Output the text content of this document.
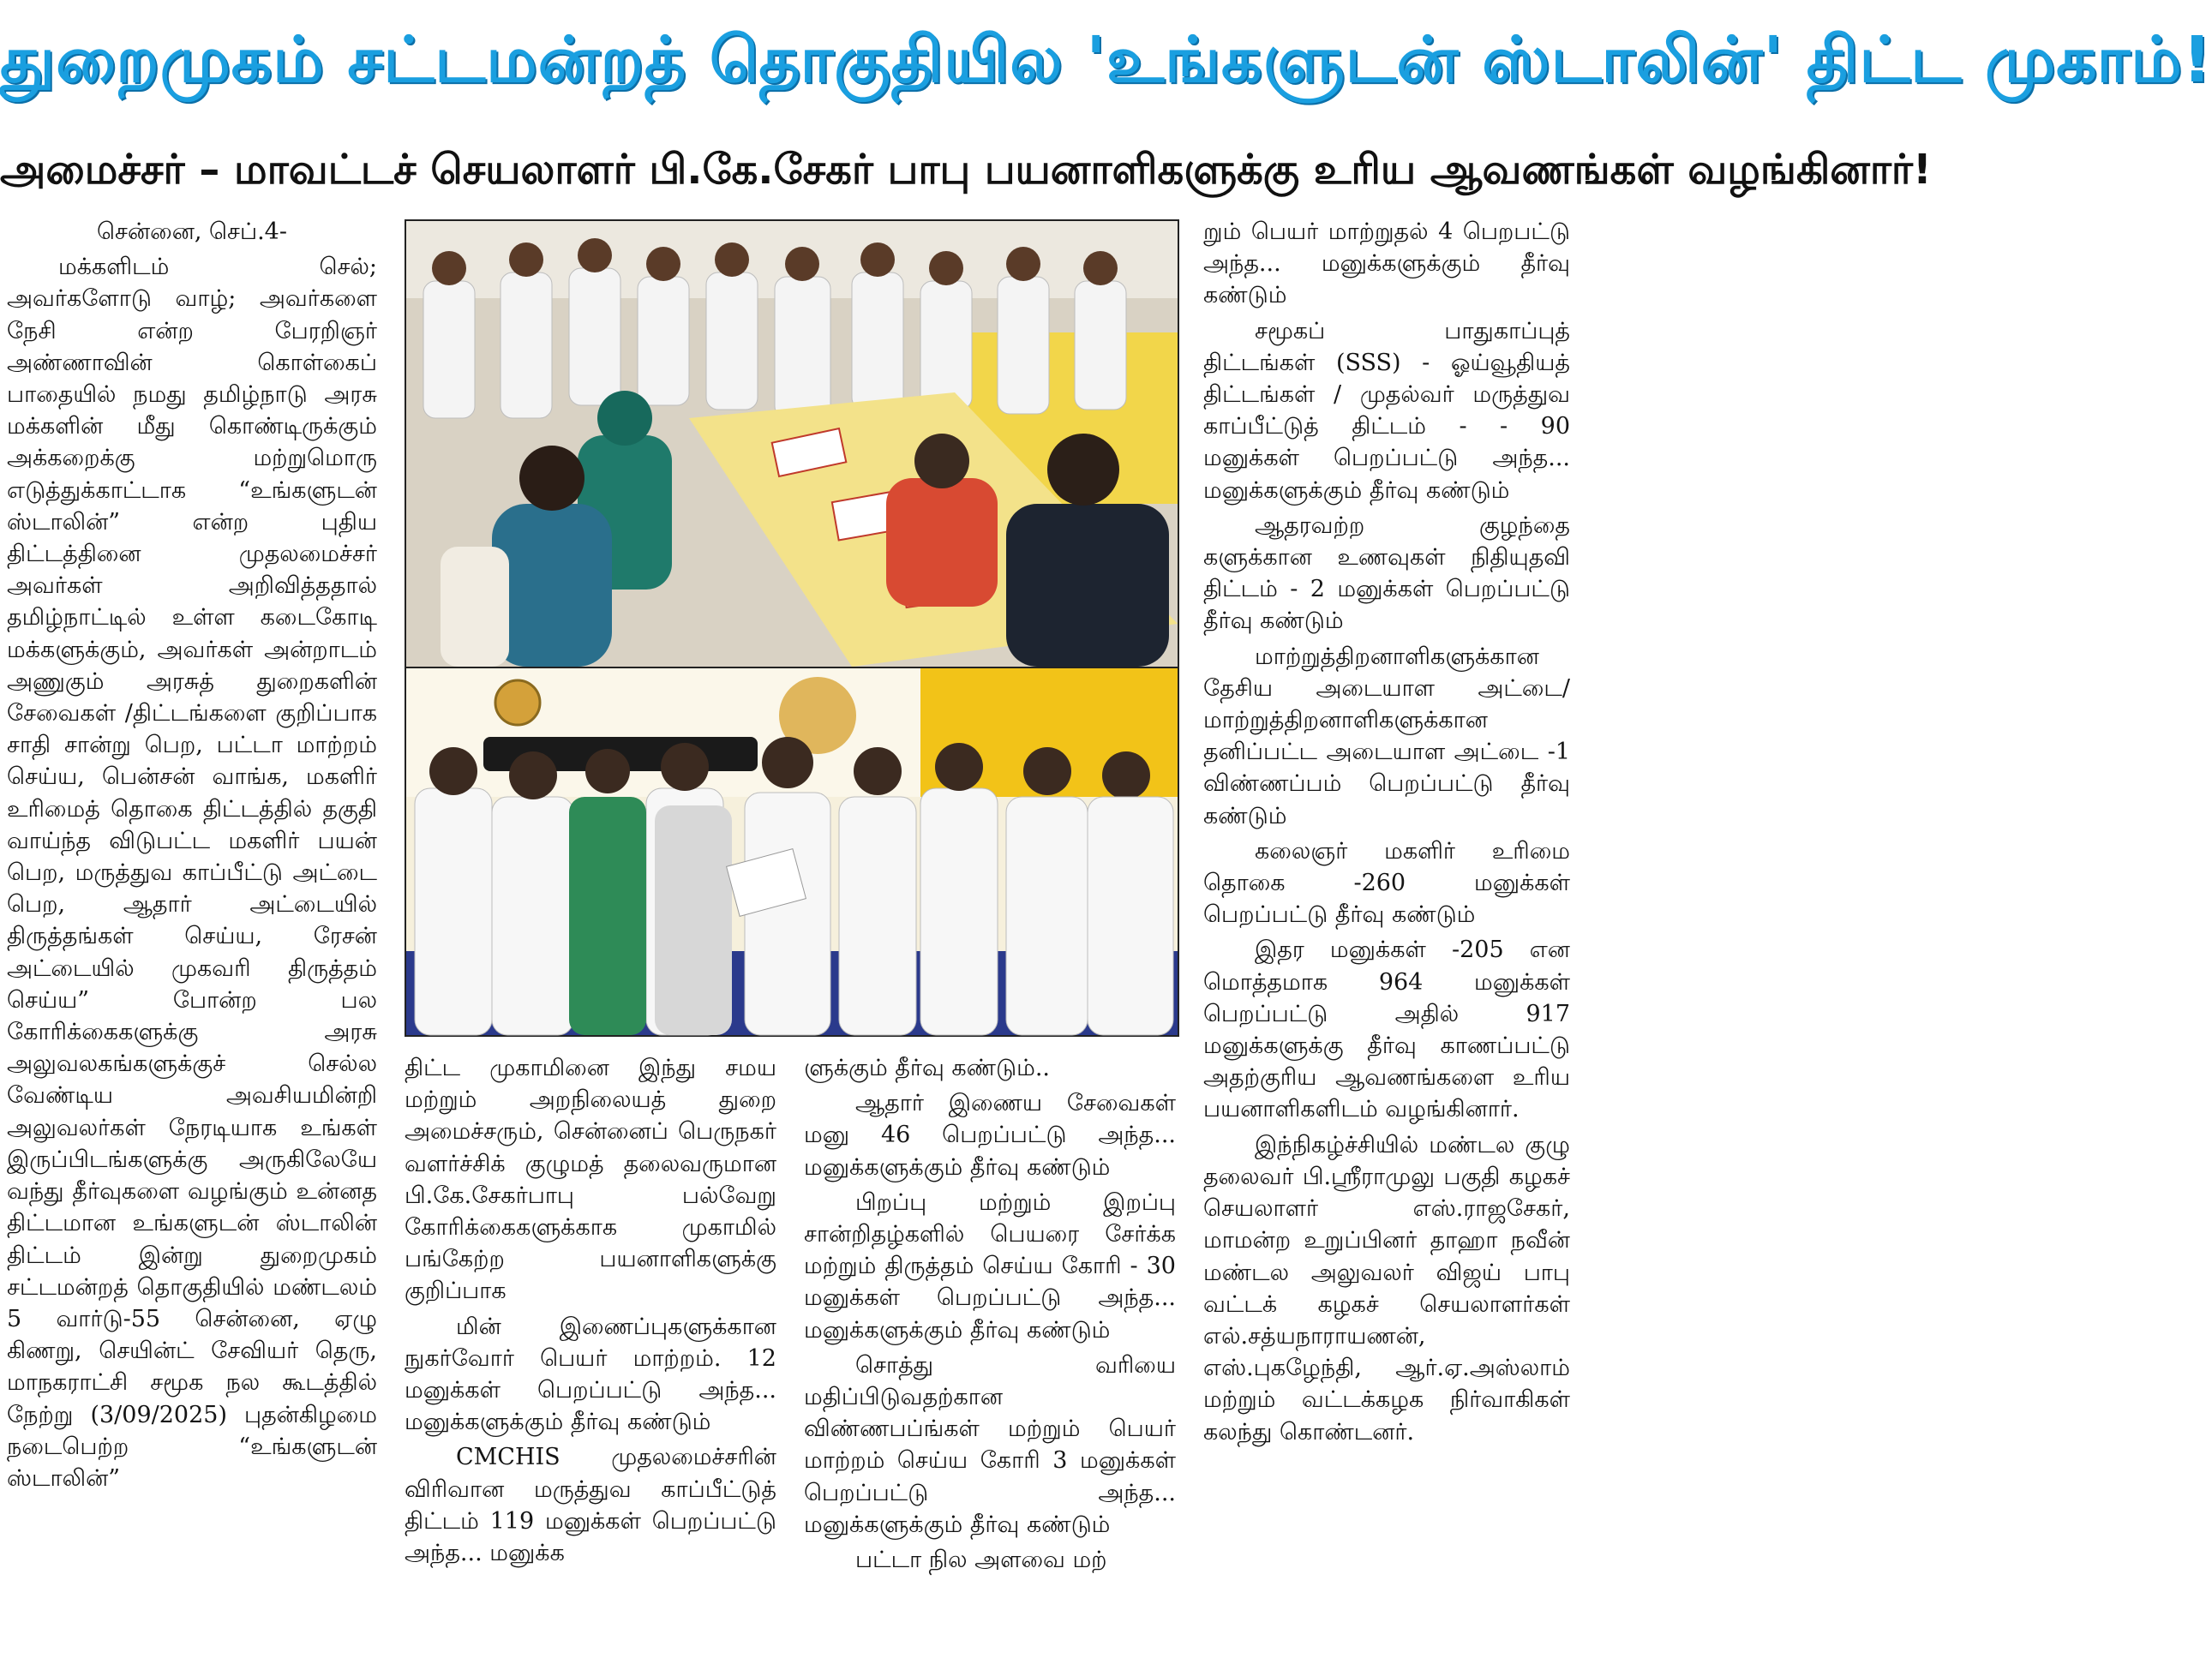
துறைமுகம் சட்டமன்றத் தொகுதியில 'உங்களுடன் ஸ்டாலின்' திட்ட முகாம்!
அமைச்சர் – மாவட்டச் செயலாளர் பி.கே.சேகர் பாபு பயனாளிகளுக்கு உரிய ஆவணங்கள் வழங்கினார்!

சென்னை, செப்.4-

மக்களிடம் செல்; அவர்களோடு வாழ்; அவர்களை நேசி என்ற பேரறிஞர் அண்ணாவின் கொள்கைப் பாதையில் நமது தமிழ்நாடு அரசு மக்களின் மீது கொண்டிருக்கும் அக்கறைக்கு மற்றுமொரு எடுத்துக்காட்டாக “உங்களுடன் ஸ்டாலின்” என்ற புதிய திட்டத்தினை முதலமைச்சர் அவர்கள் அறிவித்ததால் தமிழ்நாட்டில் உள்ள கடைகோடி மக்களுக்கும், அவர்கள் அன்றாடம் அணுகும் அரசுத் துறைகளின் சேவைகள் /திட்டங்களை குறிப்பாக சாதி சான்று பெற, பட்டா மாற்றம் செய்ய, பென்சன் வாங்க, மகளிர் உரிமைத் தொகை திட்டத்தில் தகுதி வாய்ந்த விடுபட்ட மகளிர் பயன் பெற, மருத்துவ காப்பீட்டு அட்டை பெற, ஆதார் அட்டையில் திருத்தங்கள் செய்ய, ரேசன் அட்டையில் முகவரி திருத்தம் செய்ய” போன்ற பல கோரிக்கைகளுக்கு அரசு அலுவலகங்களுக்குச் செல்ல வேண்டிய அவசியமின்றி அலுவலர்கள் நேரடியாக உங்கள் இருப்பிடங்களுக்கு அருகிலேயே வந்து தீர்வுகளை வழங்கும் உன்னத திட்டமான உங்களுடன் ஸ்டாலின் திட்டம் இன்று துறைமுகம் சட்டமன்றத் தொகுதியில் மண்டலம் 5 வார்டு-55 சென்னை, ஏழு கிணறு, செயின்ட் சேவியர் தெரு, மாநகராட்சி சமூக நல கூடத்தில் நேற்று (3/09/2025) புதன்கிழமை நடைபெற்ற “உங்களுடன் ஸ்டாலின்”

திட்ட முகாமினை இந்து சமய மற்றும் அறநிலையத் துறை அமைச்சரும், சென்னைப் பெருநகர் வளர்ச்சிக் குழுமத் தலைவருமான பி.கே.சேகர்பாபு பல்வேறு கோரிக்கைகளுக்காக முகாமில் பங்கேற்ற பயனாளிகளுக்கு குறிப்பாக

மின் இணைப்புகளுக்கான நுகர்வோர் பெயர் மாற்றம். 12 மனுக்கள் பெறப்பட்டு அந்த... மனுக்களுக்கும் தீர்வு கண்டும்

CMCHIS முதலமைச்சரின் விரிவான மருத்துவ காப்பீட்டுத் திட்டம் 119 மனுக்கள் பெறப்பட்டு அந்த... மனுக்க

ளுக்கும் தீர்வு கண்டும்..

ஆதார் இணைய சேவைகள் மனு 46 பெறப்பட்டு அந்த... மனுக்களுக்கும் தீர்வு கண்டும்

பிறப்பு மற்றும் இறப்பு சான்றிதழ்களில் பெயரை சேர்க்க மற்றும் திருத்தம் செய்ய கோரி - 30 மனுக்கள் பெறப்பட்டு அந்த... மனுக்களுக்கும் தீர்வு கண்டும்

சொத்து வரியை மதிப்பிடுவதற்கான விண்ணபப்ங்கள் மற்றும் பெயர் மாற்றம் செய்ய கோரி 3 மனுக்கள் பெறப்பட்டு அந்த... மனுக்களுக்கும் தீர்வு கண்டும்

பட்டா நில அளவை மற்

றும் பெயர் மாற்றுதல் 4 பெறபட்டு அந்த... மனுக்களுக்கும் தீர்வு கண்டும்

சமூகப் பாதுகாப்புத் திட்டங்கள் (SSS) - ஓய்வூதியத் திட்டங்கள் / முதல்வர் மருத்துவ காப்பீட்டுத் திட்டம் - - 90 மனுக்கள் பெறப்பட்டு அந்த... மனுக்களுக்கும் தீர்வு கண்டும்

ஆதரவற்ற குழந்தை களுக்கான உணவுகள் நிதியுதவி திட்டம் - 2 மனுக்கள் பெறப்பட்டு தீர்வு கண்டும்

மாற்றுத்திறனாளிகளுக்கான தேசிய அடையாள அட்டை/ மாற்றுத்திறனாளிகளுக்கான தனிப்பட்ட அடையாள அட்டை -1 விண்ணப்பம் பெறப்பட்டு தீர்வு கண்டும்

கலைஞர் மகளிர் உரிமை தொகை -260 மனுக்கள் பெறப்பட்டு தீர்வு கண்டும்

இதர மனுக்கள் -205 என மொத்தமாக 964 மனுக்கள் பெறப்பட்டு அதில் 917 மனுக்களுக்கு தீர்வு காணப்பட்டு அதற்குரிய ஆவணங்களை உரிய பயனாளிகளிடம் வழங்கினார்.

இந்நிகழ்ச்சியில் மண்டல குழு தலைவர் பி.ஸ்ரீராமுலு பகுதி கழகச் செயலாளர் எஸ்.ராஜசேகர், மாமன்ற உறுப்பினர் தாஹா நவீன் மண்டல அலுவலர் விஜய் பாபு வட்டக் கழகச் செயலாளர்கள் எல்.சத்யநாராயணன், எஸ்.புகழேந்தி, ஆர்.ஏ.அஸ்லாம் மற்றும் வட்டக்கழக நிர்வாகிகள் கலந்து கொண்டனர்.
